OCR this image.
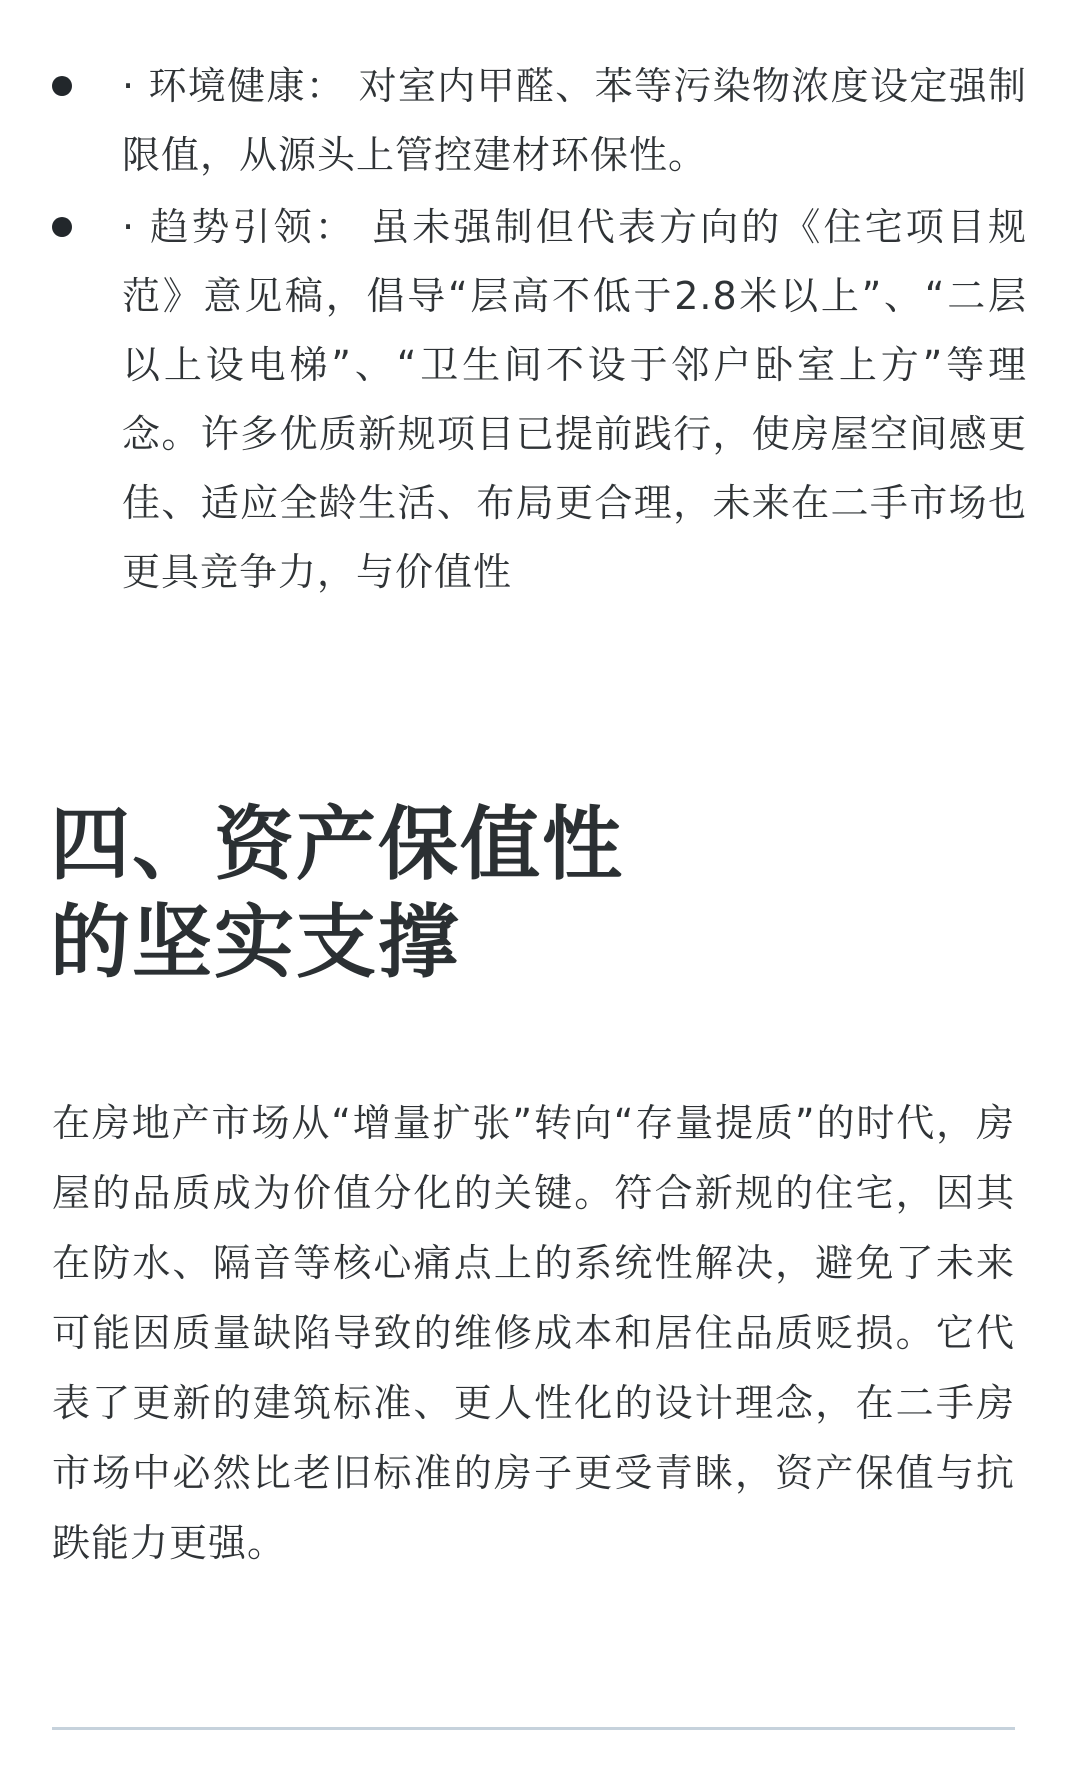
· 环境健康： 对室内甲醛、苯等污染物浓度设定强制限值，从源头上管控建材环保性。
· 趋势引领： 虽未强制但代表方向的《住宅项目规范》意见稿，倡导“层高不低于2.8米以上”、“二层以上设电梯”、“卫生间不设于邻户卧室上方”等理念。许多优质新规项目已提前践行，使房屋空间感更佳、适应全龄生活、布局更合理，未来在二手市场也更具竞争力，与价值性
四、资产保值性
的坚实支撑

在房地产市场从“增量扩张”转向“存量提质”的时代，房屋的品质成为价值分化的关键。符合新规的住宅，因其在防水、隔音等核心痛点上的系统性解决，避免了未来可能因质量缺陷导致的维修成本和居住品质贬损。它代表了更新的建筑标准、更人性化的设计理念，在二手房市场中必然比老旧标准的房子更受青睐，资产保值与抗跌能力更强。
